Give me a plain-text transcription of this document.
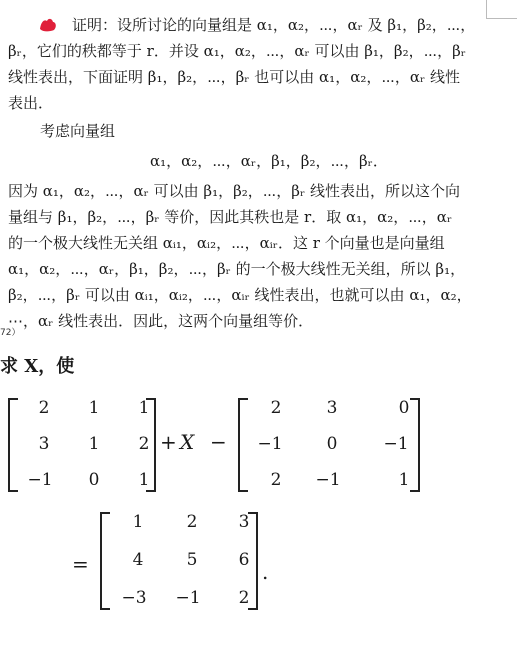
证明：设所讨论的向量组是 α₁，α₂，⋯，αᵣ 及 β₁，β₂，⋯，
βᵣ，它们的秩都等于 r．并设 α₁，α₂，⋯，αᵣ 可以由 β₁，β₂，⋯，βᵣ
线性表出，下面证明 β₁，β₂，⋯，βᵣ 也可以由 α₁，α₂，⋯，αᵣ 线性
表出．
考虑向量组
α₁，α₂，⋯，αᵣ，β₁，β₂，⋯，βᵣ．
因为 α₁，α₂，⋯，αᵣ 可以由 β₁，β₂，⋯，βᵣ 线性表出，所以这个向
量组与 β₁，β₂，⋯，βᵣ 等价，因此其秩也是 r．取 α₁，α₂，⋯，αᵣ
的一个极大线性无关组 αᵢ₁，αᵢ₂，⋯，αᵢᵣ．这 r 个向量也是向量组
α₁，α₂，⋯，αᵣ，β₁，β₂，⋯，βᵣ 的一个极大线性无关组，所以 β₁，
β₂，⋯，βᵣ 可以由 αᵢ₁，αᵢ₂，⋯，αᵢᵣ 线性表出，也就可以由 α₁，α₂，
⋯，αᵣ 线性表出．因此，这两个向量组等价．
72）
求 X，使
2	1	1
3	1	2
−1	0	1
+ X −
2	3	0
−1	0	−1
2	−1	1
=
1	2	3
4	5	6
−3	−1	2
.
